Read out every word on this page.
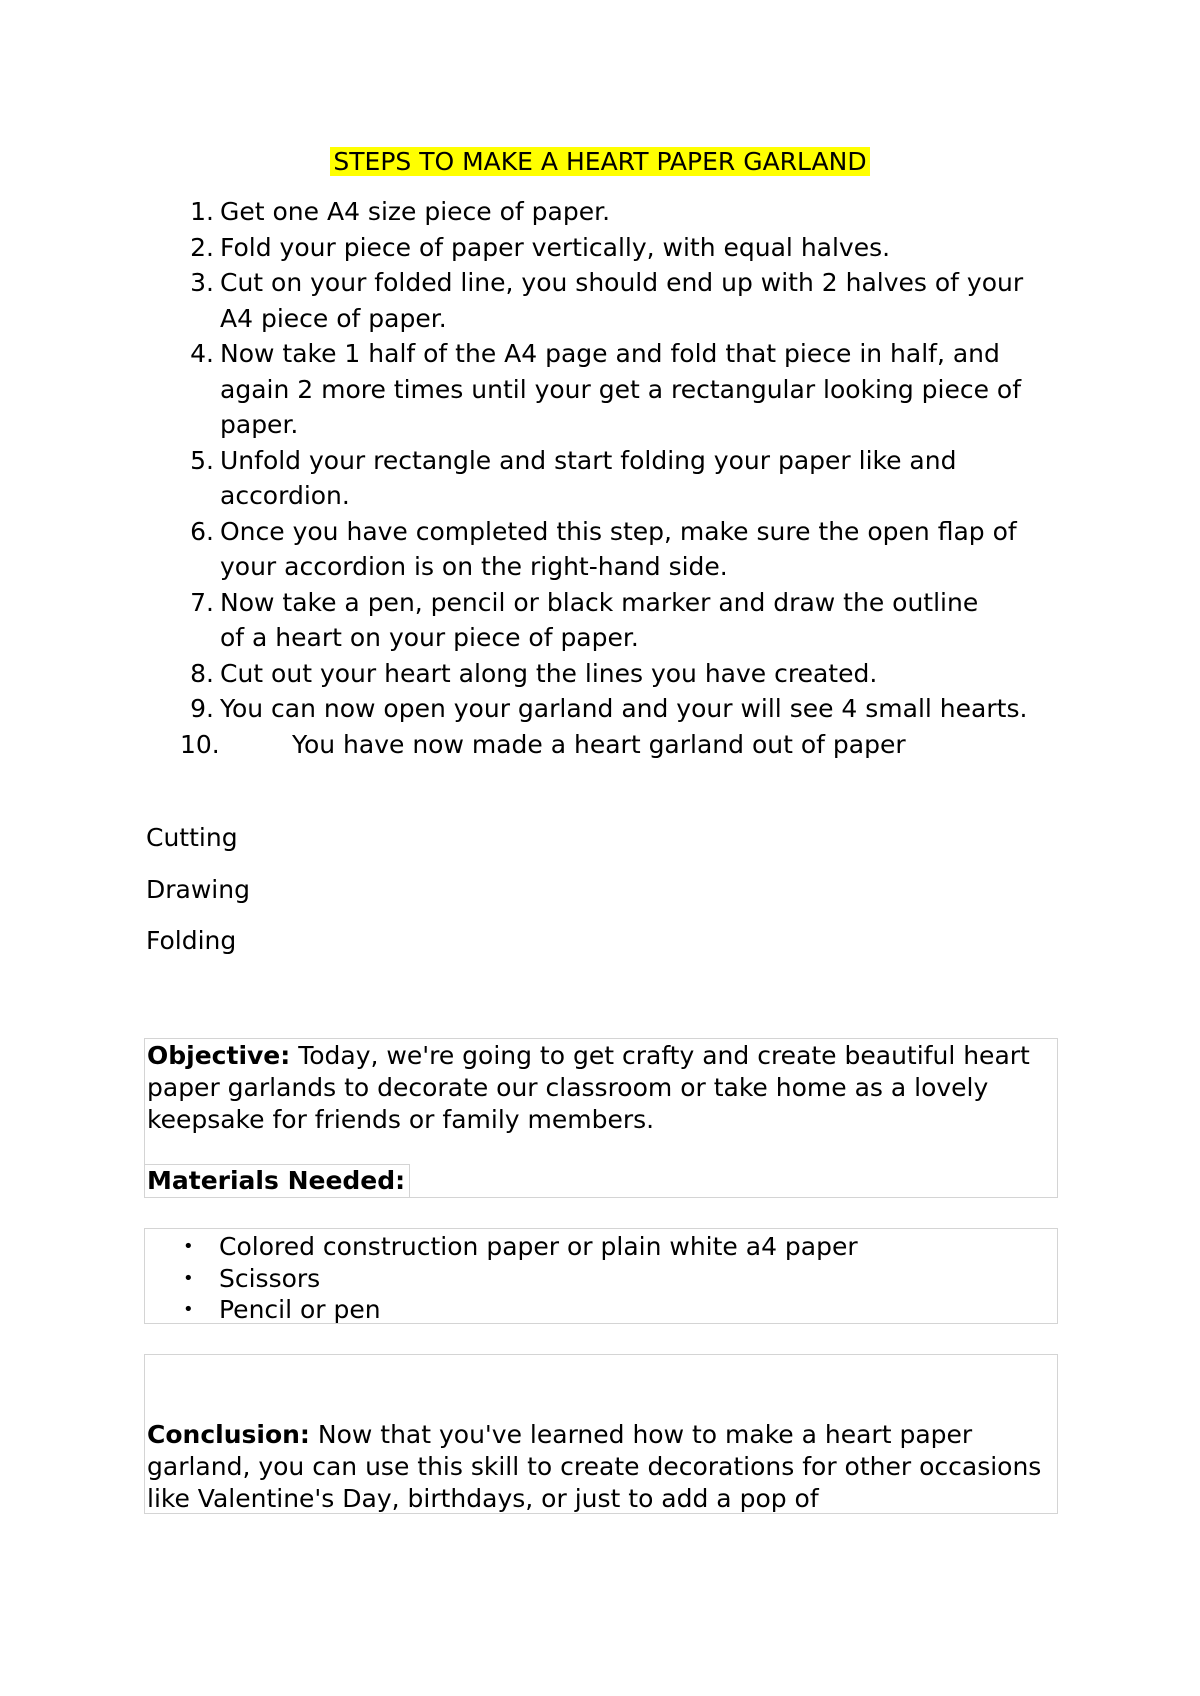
STEPS TO MAKE A HEART PAPER GARLAND
1. Get one A4 size piece of paper.
2. Fold your piece of paper vertically, with equal halves.
3. Cut on your folded line, you should end up with 2 halves of your A4 piece of paper.
4. Now take 1 half of the A4 page and fold that piece in half, and again 2 more times until your get a rectangular looking piece of paper.
5. Unfold your rectangle and start folding your paper like and accordion.
6. Once you have completed this step, make sure the open flap of your accordion is on the right-hand side.
7. Now take a pen, pencil or black marker and draw the outline of a heart on your piece of paper.
8. Cut out your heart along the lines you have created.
9. You can now open your garland and your will see 4 small hearts.
10.	You have now made a heart garland out of paper
Cutting
Drawing
Folding

Objective: Today, we're going to get crafty and create beautiful heart paper garlands to decorate our classroom or take home as a lovely keepsake for friends or family members.

Materials Needed:
• Colored construction paper or plain white a4 paper
• Scissors
• Pencil or pen

Conclusion: Now that you've learned how to make a heart paper garland, you can use this skill to create decorations for other occasions like Valentine's Day, birthdays, or just to add a pop of
